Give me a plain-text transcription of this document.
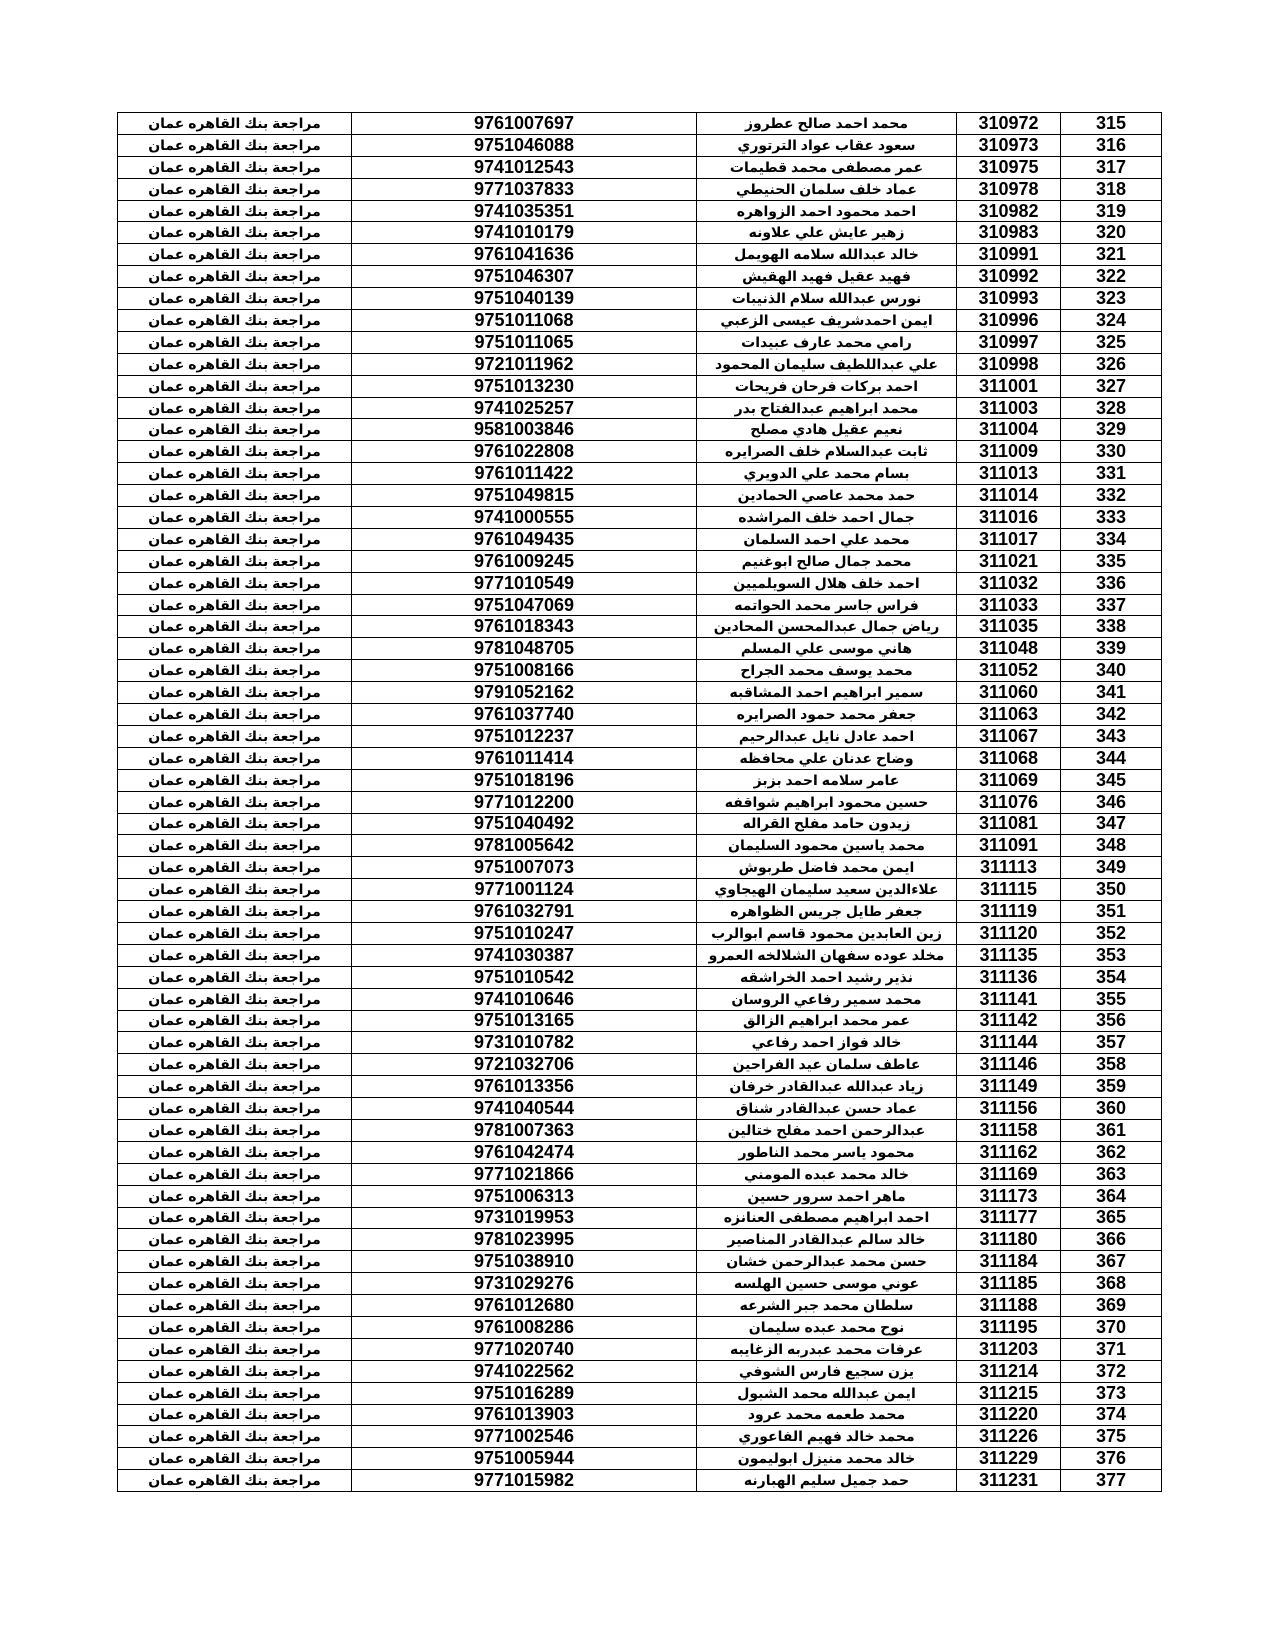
مراجعة بنك القاهره عمان	9761007697	محمد احمد صالح عطروز	310972	315
مراجعة بنك القاهره عمان	9751046088	سعود عقاب عواد الترتوري	310973	316
مراجعة بنك القاهره عمان	9741012543	عمر مصطفى محمد قطيمات	310975	317
مراجعة بنك القاهره عمان	9771037833	عماد خلف سلمان الحنيطي	310978	318
مراجعة بنك القاهره عمان	9741035351	احمد محمود احمد الزواهره	310982	319
مراجعة بنك القاهره عمان	9741010179	زهير عايش علي علاونه	310983	320
مراجعة بنك القاهره عمان	9761041636	خالد عبدالله سلامه الهويمل	310991	321
مراجعة بنك القاهره عمان	9751046307	فهيد عقيل فهيد الهقيش	310992	322
مراجعة بنك القاهره عمان	9751040139	نورس عبدالله سلام الذنيبات	310993	323
مراجعة بنك القاهره عمان	9751011068	ايمن احمدشريف عيسى الزعبي	310996	324
مراجعة بنك القاهره عمان	9751011065	رامي محمد عارف عبيدات	310997	325
مراجعة بنك القاهره عمان	9721011962	علي عبداللطيف سليمان المحمود	310998	326
مراجعة بنك القاهره عمان	9751013230	احمد بركات فرحان فريحات	311001	327
مراجعة بنك القاهره عمان	9741025257	محمد ابراهيم عبدالفتاح بدر	311003	328
مراجعة بنك القاهره عمان	9581003846	نعيم عقيل هادي مصلح	311004	329
مراجعة بنك القاهره عمان	9761022808	ثابت عبدالسلام خلف الصرايره	311009	330
مراجعة بنك القاهره عمان	9761011422	بسام محمد علي الدويري	311013	331
مراجعة بنك القاهره عمان	9751049815	حمد محمد عاصي الحمادين	311014	332
مراجعة بنك القاهره عمان	9741000555	جمال احمد خلف المراشده	311016	333
مراجعة بنك القاهره عمان	9761049435	محمد علي احمد السلمان	311017	334
مراجعة بنك القاهره عمان	9761009245	محمد جمال صالح ابوغنيم	311021	335
مراجعة بنك القاهره عمان	9771010549	احمد خلف هلال السويلميين	311032	336
مراجعة بنك القاهره عمان	9751047069	فراس جاسر محمد الحواتمه	311033	337
مراجعة بنك القاهره عمان	9761018343	رياض جمال عبدالمحسن المحادين	311035	338
مراجعة بنك القاهره عمان	9781048705	هاني موسى علي المسلم	311048	339
مراجعة بنك القاهره عمان	9751008166	محمد يوسف محمد الجراح	311052	340
مراجعة بنك القاهره عمان	9791052162	سمير ابراهيم احمد المشاقبه	311060	341
مراجعة بنك القاهره عمان	9761037740	جعفر محمد حمود الصرايره	311063	342
مراجعة بنك القاهره عمان	9751012237	احمد عادل نايل عبدالرحيم	311067	343
مراجعة بنك القاهره عمان	9761011414	وضاح عدنان علي محافظه	311068	344
مراجعة بنك القاهره عمان	9751018196	عامر سلامه احمد بزبز	311069	345
مراجعة بنك القاهره عمان	9771012200	حسين محمود ابراهيم شواقفه	311076	346
مراجعة بنك القاهره عمان	9751040492	زيدون حامد مفلح القراله	311081	347
مراجعة بنك القاهره عمان	9781005642	محمد ياسين محمود السليمان	311091	348
مراجعة بنك القاهره عمان	9751007073	ايمن محمد فاضل طربوش	311113	349
مراجعة بنك القاهره عمان	9771001124	علاءالدين سعيد سليمان الهيجاوي	311115	350
مراجعة بنك القاهره عمان	9761032791	جعفر طايل جريس الظواهره	311119	351
مراجعة بنك القاهره عمان	9751010247	زين العابدين محمود قاسم ابوالرب	311120	352
مراجعة بنك القاهره عمان	9741030387	مخلد عوده سفهان الشلالخه العمرو	311135	353
مراجعة بنك القاهره عمان	9751010542	نذير رشيد احمد الخراشقه	311136	354
مراجعة بنك القاهره عمان	9741010646	محمد سمير رفاعي الروسان	311141	355
مراجعة بنك القاهره عمان	9751013165	عمر محمد ابراهيم الزالق	311142	356
مراجعة بنك القاهره عمان	9731010782	خالد فواز احمد رفاعي	311144	357
مراجعة بنك القاهره عمان	9721032706	عاطف سلمان عيد الفراحين	311146	358
مراجعة بنك القاهره عمان	9761013356	زياد عبدالله عبدالقادر خرفان	311149	359
مراجعة بنك القاهره عمان	9741040544	عماد حسن عبدالقادر شناق	311156	360
مراجعة بنك القاهره عمان	9781007363	عبدالرحمن احمد مفلح ختالين	311158	361
مراجعة بنك القاهره عمان	9761042474	محمود ياسر محمد الناطور	311162	362
مراجعة بنك القاهره عمان	9771021866	خالد محمد عبده المومني	311169	363
مراجعة بنك القاهره عمان	9751006313	ماهر احمد سرور حسين	311173	364
مراجعة بنك القاهره عمان	9731019953	احمد ابراهيم مصطفى العنانزه	311177	365
مراجعة بنك القاهره عمان	9781023995	خالد سالم عبدالقادر المناصير	311180	366
مراجعة بنك القاهره عمان	9751038910	حسن محمد عبدالرحمن خشان	311184	367
مراجعة بنك القاهره عمان	9731029276	عوني موسى حسين الهلسه	311185	368
مراجعة بنك القاهره عمان	9761012680	سلطان محمد جبر الشرعه	311188	369
مراجعة بنك القاهره عمان	9761008286	نوح محمد عبده سليمان	311195	370
مراجعة بنك القاهره عمان	9771020740	عرفات محمد عبدربه الزغايبه	311203	371
مراجعة بنك القاهره عمان	9741022562	يزن سجيع فارس الشوفي	311214	372
مراجعة بنك القاهره عمان	9751016289	ايمن عبدالله محمد الشبول	311215	373
مراجعة بنك القاهره عمان	9761013903	محمد طعمه محمد عرود	311220	374
مراجعة بنك القاهره عمان	9771002546	محمد خالد فهيم الفاعوري	311226	375
مراجعة بنك القاهره عمان	9751005944	خالد محمد منيزل ابوليمون	311229	376
مراجعة بنك القاهره عمان	9771015982	حمد جميل سليم الهبارنه	311231	377
